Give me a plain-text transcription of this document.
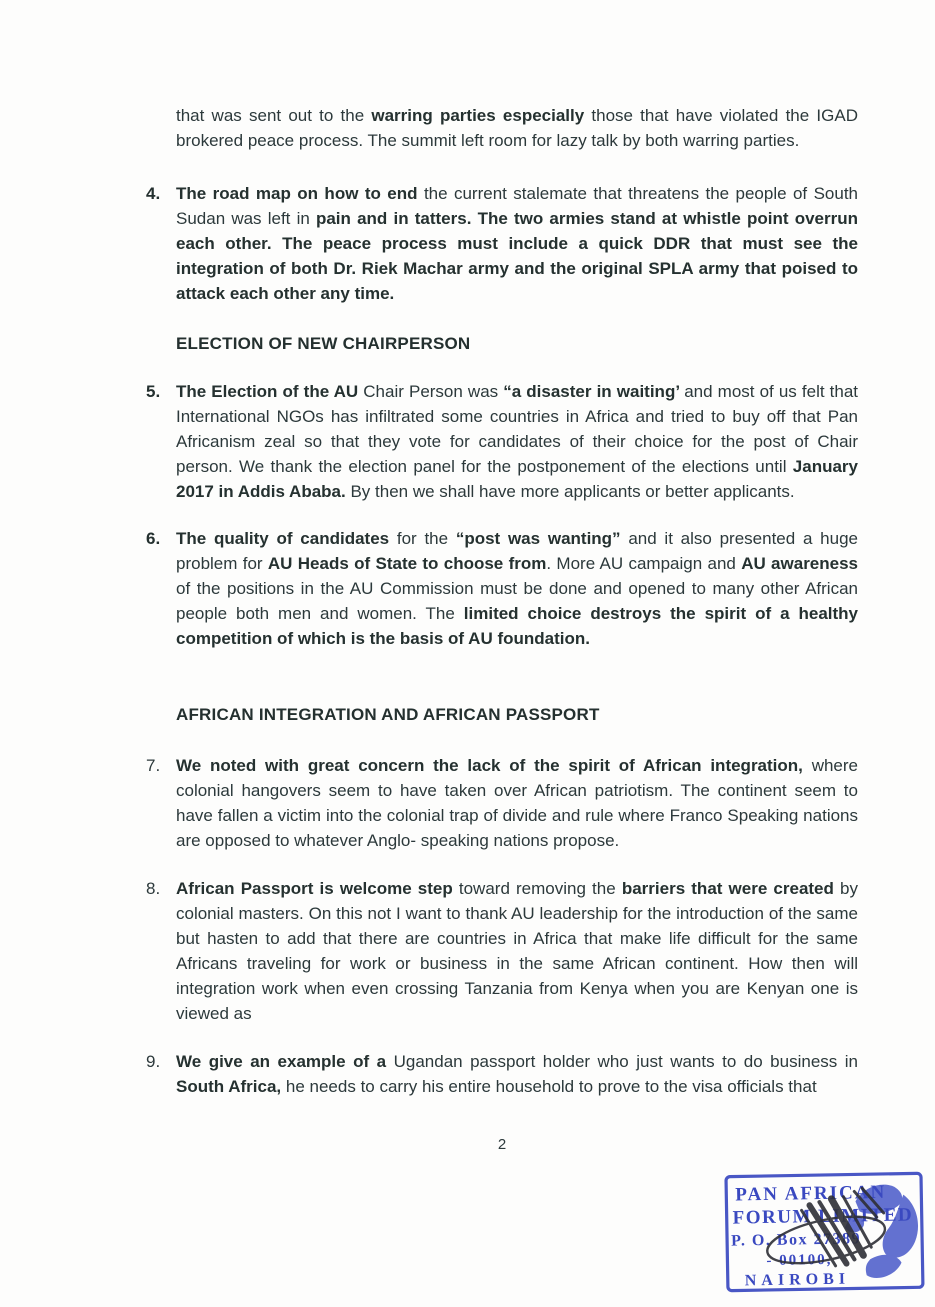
that was sent out to the warring parties especially those that have violated the IGAD brokered peace process. The summit left room for lazy talk by both warring parties.
4. The road map on how to end the current stalemate that threatens the people of South Sudan was left in pain and in tatters. The two armies stand at whistle point overrun each other. The peace process must include a quick DDR that must see the integration of both Dr. Riek Machar army and the original SPLA army that poised to attack each other any time.
ELECTION OF NEW CHAIRPERSON
5. The Election of the AU Chair Person was “a disaster in waiting’ and most of us felt that International NGOs has infiltrated some countries in Africa and tried to buy off that Pan Africanism zeal so that they vote for candidates of their choice for the post of Chair person. We thank the election panel for the postponement of the elections until January 2017 in Addis Ababa. By then we shall have more applicants or better applicants.
6. The quality of candidates for the “post was wanting” and it also presented a huge problem for AU Heads of State to choose from. More AU campaign and AU awareness of the positions in the AU Commission must be done and opened to many other African people both men and women. The limited choice destroys the spirit of a healthy competition of which is the basis of AU foundation.
AFRICAN INTEGRATION AND AFRICAN PASSPORT
7. We noted with great concern the lack of the spirit of African integration, where colonial hangovers seem to have taken over African patriotism. The continent seem to have fallen a victim into the colonial trap of divide and rule where Franco Speaking nations are opposed to whatever Anglo- speaking nations propose.
8. African Passport is welcome step toward removing the barriers that were created by colonial masters. On this not I want to thank AU leadership for the introduction of the same but hasten to add that there are countries in Africa that make life difficult for the same Africans traveling for work or business in the same African continent. How then will integration work when even crossing Tanzania from Kenya when you are Kenyan one is viewed as
9. We give an example of a Ugandan passport holder who just wants to do business in South Africa, he needs to carry his entire household to prove to the visa officials that
2
PAN AFRICAN
FORUM LIMITED
P. O. Box 27389
- 00100,
NAIROBI
